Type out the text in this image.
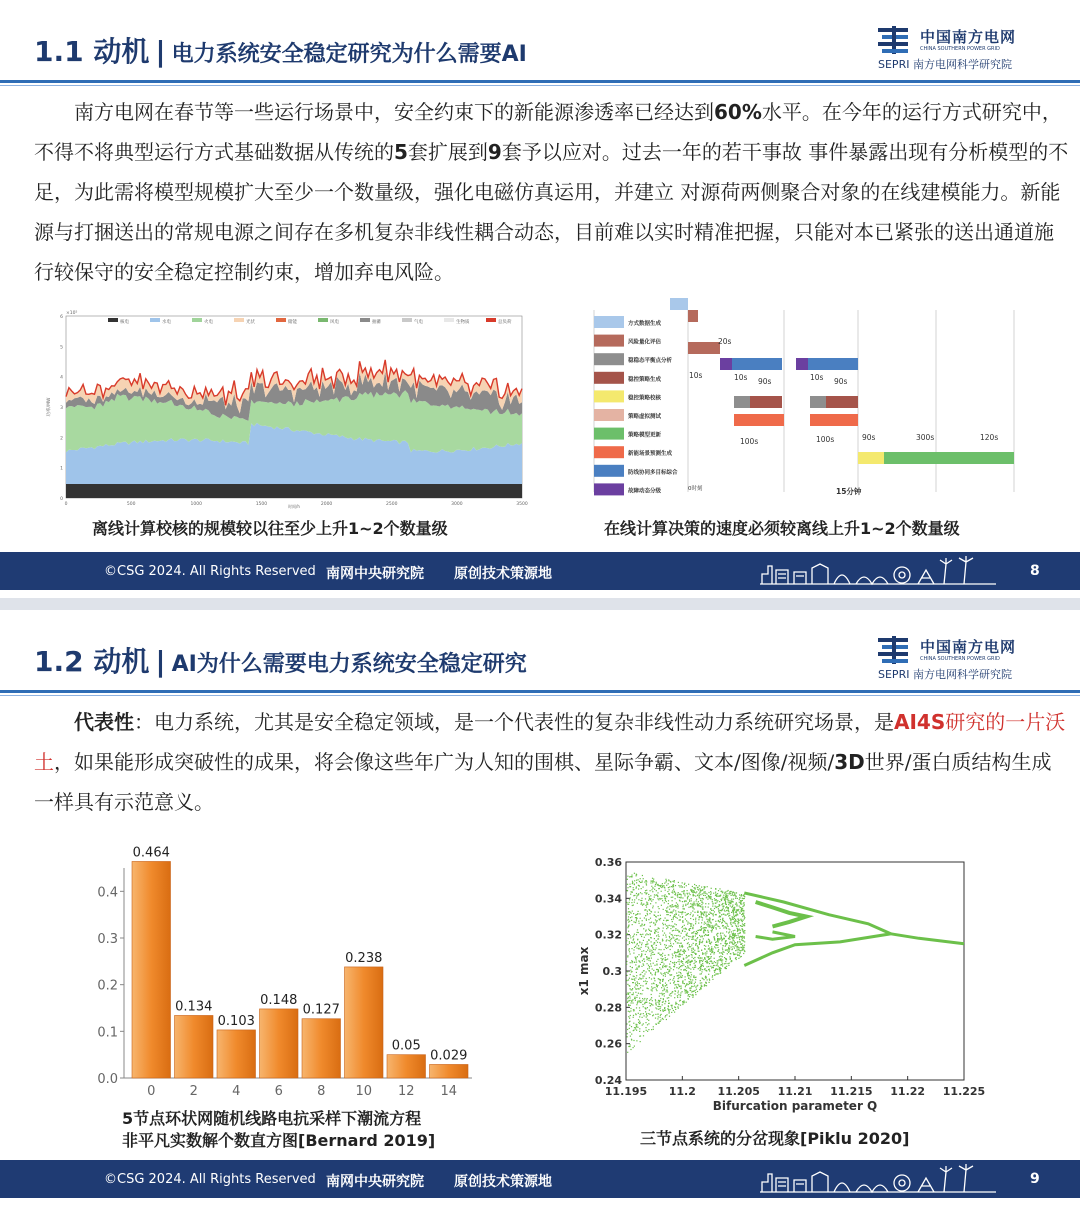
1.1 动机 | 电力系统安全稳定研究为什么需要AI
中国南方电网
CHINA SOUTHERN POWER GRID
SEPRI 南方电网科学研究院
南方电网在春节等一些运行场景中，安全约束下的新能源渗透率已经达到60%水平。在今年的运行方式研究中，不得不将典型运行方式基础数据从传统的5套扩展到9套予以应对。过去一年的若干事故 事件暴露出现有分析模型的不足，为此需将模型规模扩大至少一个数量级，强化电磁仿真运用，并建立 对源荷两侧聚合对象的在线建模能力。新能源与打捆送出的常规电源之间存在多机复杂非线性耦合动态，目前难以实时精准把握，只能对本已紧张的送出通道施行较保守的安全稳定控制约束，增加弃电风险。
核电	水电	火电	光伏	储能	风电	抽蓄	气电	生物质	总负荷
0	500	1000	1500	2000	2500	3000	3500
0
1
2
3
4
5
6
×10⁵
时间/h
功率/MW
离线计算校核的规模较以往至少上升1~2个数量级
方式数据生成
风险量化评估
稳稳态平衡点分析
稳控策略生成
稳控策略校核
策略虚拟测试
策略模型更新
新能场景预测生成
防线协同多目标综合
故障动态分级
20s
10s	10s 90s	10s 90s
100s	100s	90s	300s	120s
0时刻	15分钟
在线计算决策的速度必须较离线上升1~2个数量级
©CSG 2024. All Rights Reserved 南网中央研究院 原创技术策源地	8
1.2 动机 | AI为什么需要电力系统安全稳定研究
中国南方电网
CHINA SOUTHERN POWER GRID
SEPRI 南方电网科学研究院
代表性：电力系统，尤其是安全稳定领域，是一个代表性的复杂非线性动力系统研究场景，是AI4S研究的一片沃土，如果能形成突破性的成果，将会像这些年广为人知的围棋、星际争霸、文本/图像/视频/3D世界/蛋白质结构生成一样具有示范意义。
0.0
0.1
0.2
0.3
0.4
0.464
0
0.134
2
0.103
4
0.148
6
0.127
8
0.238
10
0.05
12
0.029
14
5节点环状网随机线路电抗采样下潮流方程
非平凡实数解个数直方图[Bernard 2019]
11.195 11.2 11.205 11.21 11.215 11.22 11.225
0.24
0.26
0.28
0.3
0.32
0.34
0.36
Bifurcation parameter Q
x1 max
三节点系统的分岔现象[Piklu 2020]
©CSG 2024. All Rights Reserved 南网中央研究院 原创技术策源地	9
